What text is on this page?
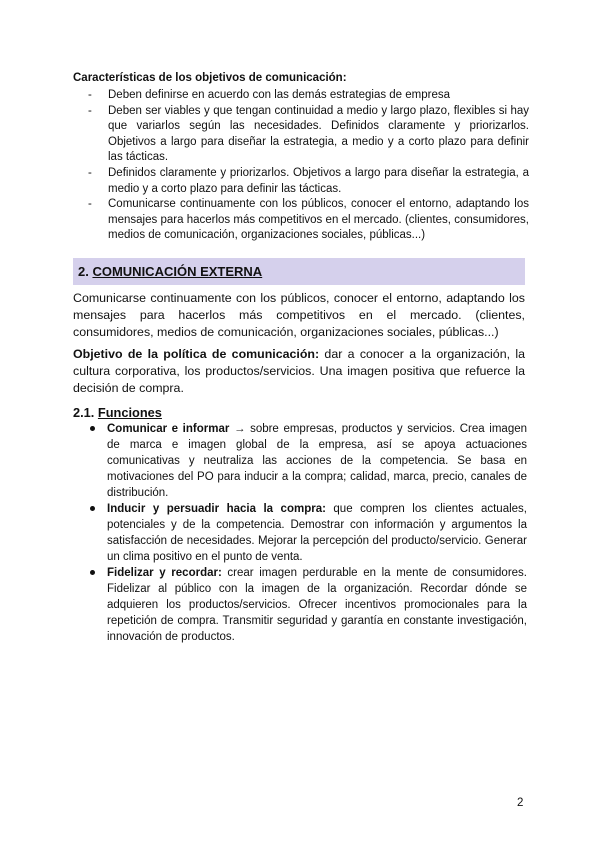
Características de los objetivos de comunicación:
- Deben definirse en acuerdo con las demás estrategias de empresa
- Deben ser viables y que tengan continuidad a medio y largo plazo, flexibles si hay que variarlos según las necesidades. Definidos claramente y priorizarlos. Objetivos a largo para diseñar la estrategia, a medio y a corto plazo para definir las tácticas.
- Definidos claramente y priorizarlos. Objetivos a largo para diseñar la estrategia, a medio y a corto plazo para definir las tácticas.
- Comunicarse continuamente con los públicos, conocer el entorno, adaptando los mensajes para hacerlos más competitivos en el mercado. (clientes, consumidores, medios de comunicación, organizaciones sociales, públicas...)
2. COMUNICACIÓN EXTERNA

Comunicarse continuamente con los públicos, conocer el entorno, adaptando los mensajes para hacerlos más competitivos en el mercado. (clientes, consumidores, medios de comunicación, organizaciones sociales, públicas...)

Objetivo de la política de comunicación: dar a conocer a la organización, la cultura corporativa, los productos/servicios. Una imagen positiva que refuerce la decisión de compra.

2.1. Funciones
Comunicar e informar → sobre empresas, productos y servicios. Crea imagen de marca e imagen global de la empresa, así se apoya actuaciones comunicativas y neutraliza las acciones de la competencia. Se basa en motivaciones del PO para inducir a la compra; calidad, marca, precio, canales de distribución.
Inducir y persuadir hacia la compra: que compren los clientes actuales, potenciales y de la competencia. Demostrar con información y argumentos la satisfacción de necesidades. Mejorar la percepción del producto/servicio. Generar un clima positivo en el punto de venta.
Fidelizar y recordar: crear imagen perdurable en la mente de consumidores. Fidelizar al público con la imagen de la organización. Recordar dónde se adquieren los productos/servicios. Ofrecer incentivos promocionales para la repetición de compra. Transmitir seguridad y garantía en constante investigación, innovación de productos.
2
